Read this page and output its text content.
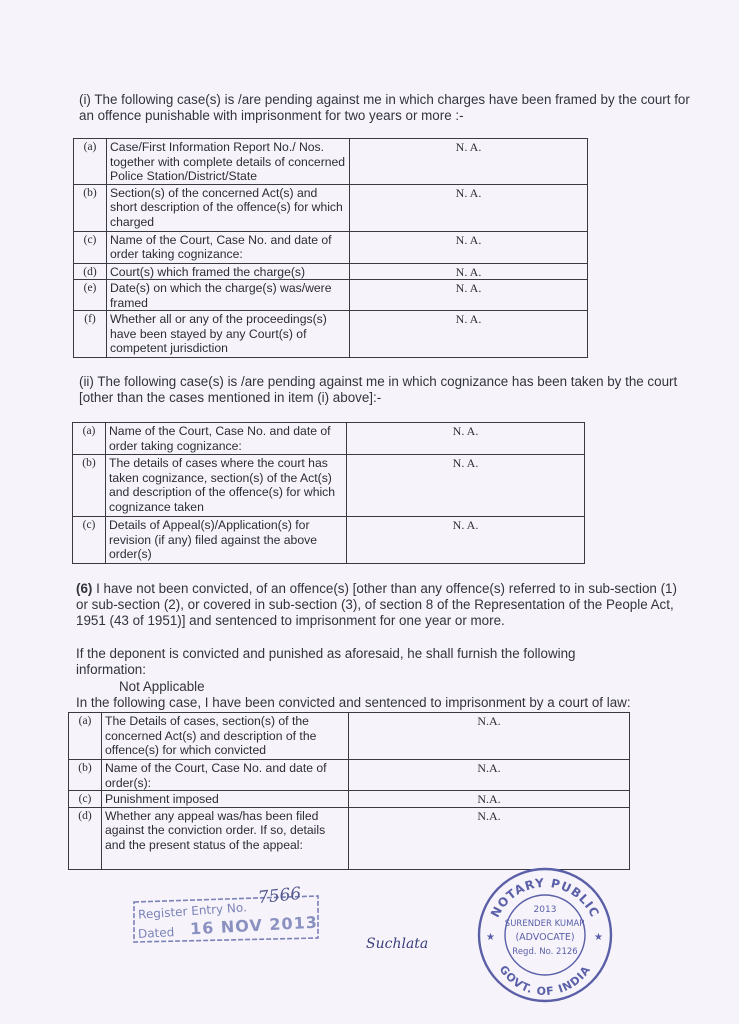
(i) The following case(s) is /are pending against me in which charges have been framed by the court for an offence punishable with imprisonment for two years or more :-
(a)	Case/First Information Report No./ Nos. together with complete details of concerned Police Station/District/State	N. A.
(b)	Section(s) of the concerned Act(s) and short description of the offence(s) for which charged	N. A.
(c)	Name of the Court, Case No. and date of order taking cognizance:	N. A.
(d)	Court(s) which framed the charge(s)	N. A.
(e)	Date(s) on which the charge(s) was/were framed	N. A.
(f)	Whether all or any of the proceedings(s) have been stayed by any Court(s) of competent jurisdiction	N. A.
(ii) The following case(s) is /are pending against me in which cognizance has been taken by the court [other than the cases mentioned in item (i) above]:-
(a)	Name of the Court, Case No. and date of order taking cognizance:	N. A.
(b)	The details of cases where the court has taken cognizance, section(s) of the Act(s) and description of the offence(s) for which cognizance taken	N. A.
(c)	Details of Appeal(s)/Application(s) for revision (if any) filed against the above order(s)	N. A.
(6) I have not been convicted, of an offence(s) [other than any offence(s) referred to in sub-section (1) or sub-section (2), or covered in sub-section (3), of section 8 of the Representation of the People Act, 1951 (43 of 1951)] and sentenced to imprisonment for one year or more.
If the deponent is convicted and punished as aforesaid, he shall furnish the following information:
Not Applicable
In the following case, I have been convicted and sentenced to imprisonment by a court of law:
(a)	The Details of cases, section(s) of the concerned Act(s) and description of the offence(s) for which convicted	N.A.
(b)	Name of the Court, Case No. and date of order(s):	N.A.
(c)	Punishment imposed	N.A.
(d)	Whether any appeal was/has been filed against the conviction order. If so, details and the present status of the appeal:	N.A.
Register Entry No.
7566
Dated 16 NOV 2013
Suchlata
NOTARY PUBLIC
GOVT. OF INDIA
★	★
2013
SURENDER KUMAR
(ADVOCATE)
Regd. No. 2126
